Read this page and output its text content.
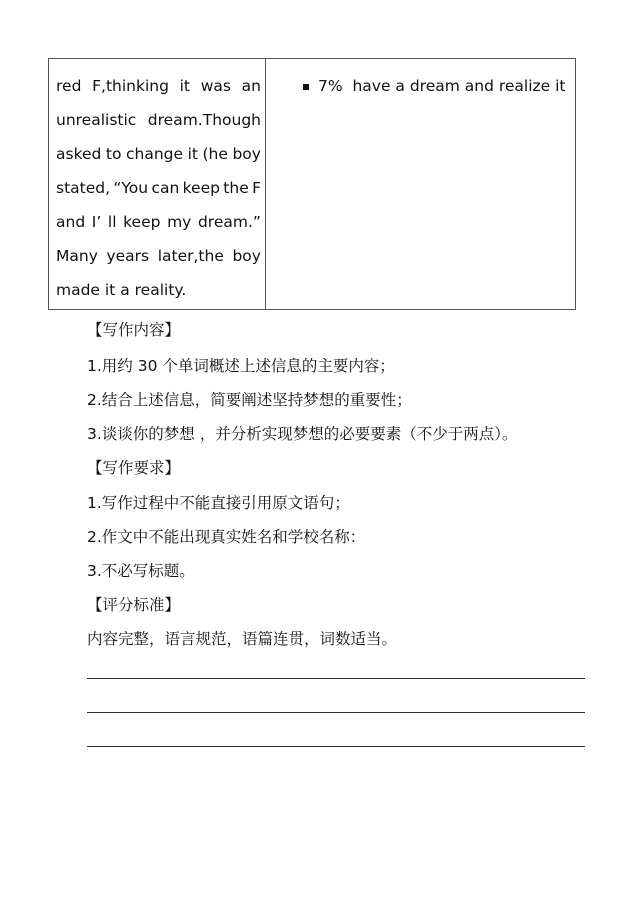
red F,thinking it was an
unrealistic dream.Though
asked to change it (he boy
stated, “You can keep the F
and I’ ll keep my dream.”
Many years later,the boy
made it a reality.
7%  have a dream and realize it
【写作内容】
1.用约 30 个单词概述上述信息的主要内容；
2.结合上述信息，简要阐述坚持梦想的重要性；
3.谈谈你的梦想 ，并分析实现梦想的必要要素（不少于两点）。
【写作要求】
1.写作过程中不能直接引用原文语句；
2.作文中不能出现真实姓名和学校名称：
3.不必写标题。
【评分标准】
内容完整，语言规范，语篇连贯，词数适当。
